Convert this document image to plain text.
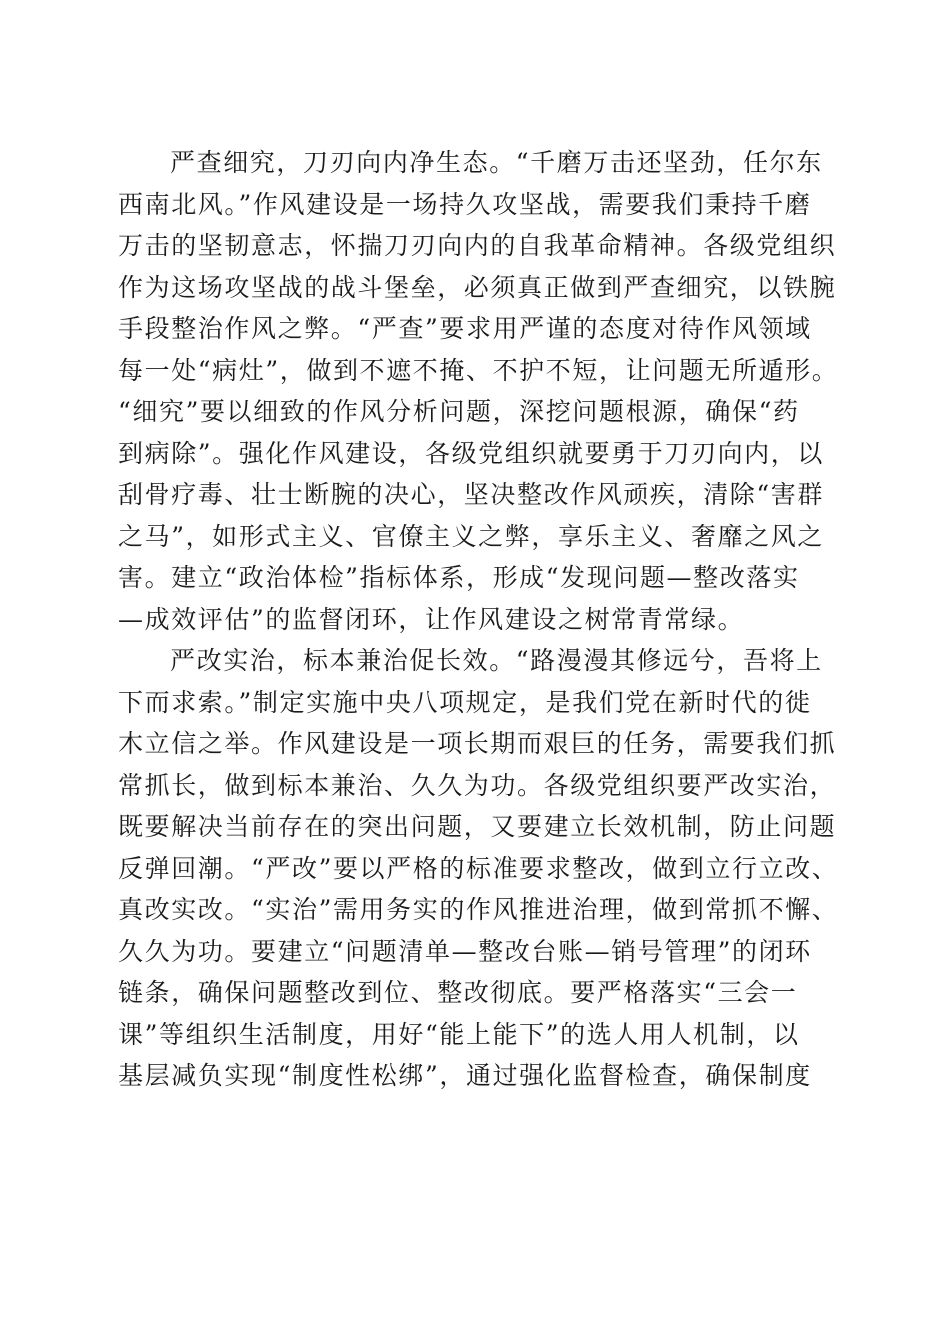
严查细究，刀刃向内净生态。“千磨万击还坚劲，任尔东
西南北风。”作风建设是一场持久攻坚战，需要我们秉持千磨
万击的坚韧意志，怀揣刀刃向内的自我革命精神。各级党组织
作为这场攻坚战的战斗堡垒，必须真正做到严查细究，以铁腕
手段整治作风之弊。“严查”要求用严谨的态度对待作风领域
每一处“病灶”，做到不遮不掩、不护不短，让问题无所遁形。
“细究”要以细致的作风分析问题，深挖问题根源，确保“药
到病除”。强化作风建设，各级党组织就要勇于刀刃向内，以
刮骨疗毒、壮士断腕的决心，坚决整改作风顽疾，清除“害群
之马”，如形式主义、官僚主义之弊，享乐主义、奢靡之风之
害。建立“政治体检”指标体系，形成“发现问题—整改落实
—成效评估”的监督闭环，让作风建设之树常青常绿。
严改实治，标本兼治促长效。“路漫漫其修远兮，吾将上
下而求索。”制定实施中央八项规定，是我们党在新时代的徙
木立信之举。作风建设是一项长期而艰巨的任务，需要我们抓
常抓长，做到标本兼治、久久为功。各级党组织要严改实治，
既要解决当前存在的突出问题，又要建立长效机制，防止问题
反弹回潮。“严改”要以严格的标准要求整改，做到立行立改、
真改实改。“实治”需用务实的作风推进治理，做到常抓不懈、
久久为功。要建立“问题清单—整改台账—销号管理”的闭环
链条，确保问题整改到位、整改彻底。要严格落实“三会一
课”等组织生活制度，用好“能上能下”的选人用人机制，以
基层减负实现“制度性松绑”，通过强化监督检查，确保制度
